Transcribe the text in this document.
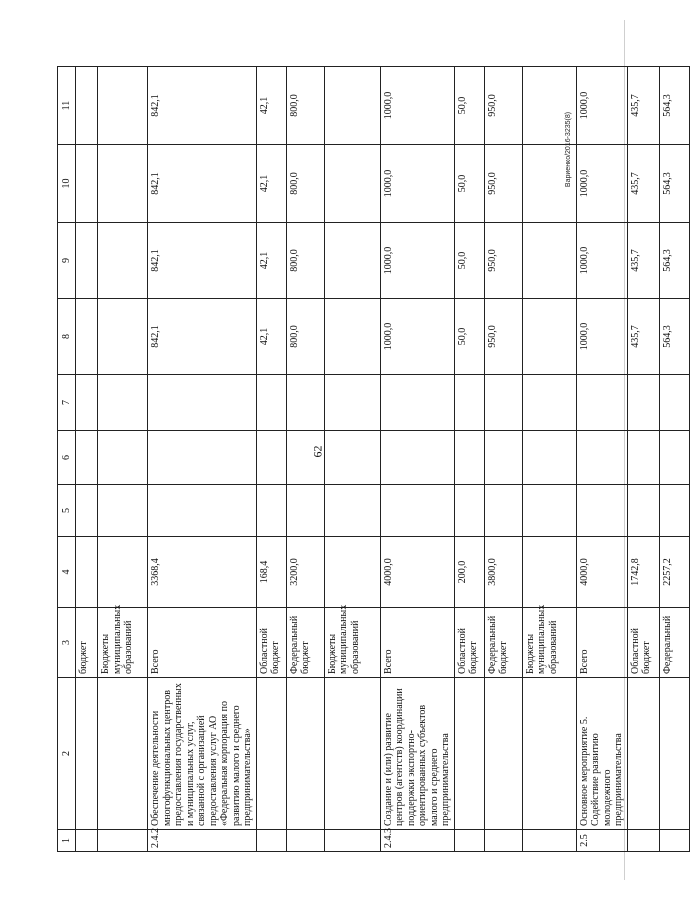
62
Вариенко/2016-3235(8)
1	2	3	4	5	6	7	8	9	10	11
		бюджет								
		Бюджеты муниципальных образований								
2.4.2	Обеспечение деятельности многофункциональных центров предоставления государственных и муниципальных услуг, связанной с организацией предоставления услуг АО «Федеральная корпорация по развитию малого и среднего предпринимательства»	Всего	3368,4				842,1	842,1	842,1	842,1
		Областной бюджет	168,4				42,1	42,1	42,1	42,1
		Федеральный бюджет	3200,0				800,0	800,0	800,0	800,0
		Бюджеты муниципальных образований								
2.4.3	Создание и (или) развитие центров (агентств) координации поддержки экспортно-ориентированных субъектов малого и среднего предпринимательства	Всего	4000,0				1000,0	1000,0	1000,0	1000,0
		Областной бюджет	200,0				50,0	50,0	50,0	50,0
		Федеральный бюджет	3800,0				950,0	950,0	950,0	950,0
		Бюджеты муниципальных образований								
2.5	Основное мероприятие 5. Содействие развитию молодежного предпринимательства	Всего	4000,0				1000,0	1000,0	1000,0	1000,0
		Областной бюджет	1742,8				435,7	435,7	435,7	435,7
		Федеральный	2257,2				564,3	564,3	564,3	564,3
